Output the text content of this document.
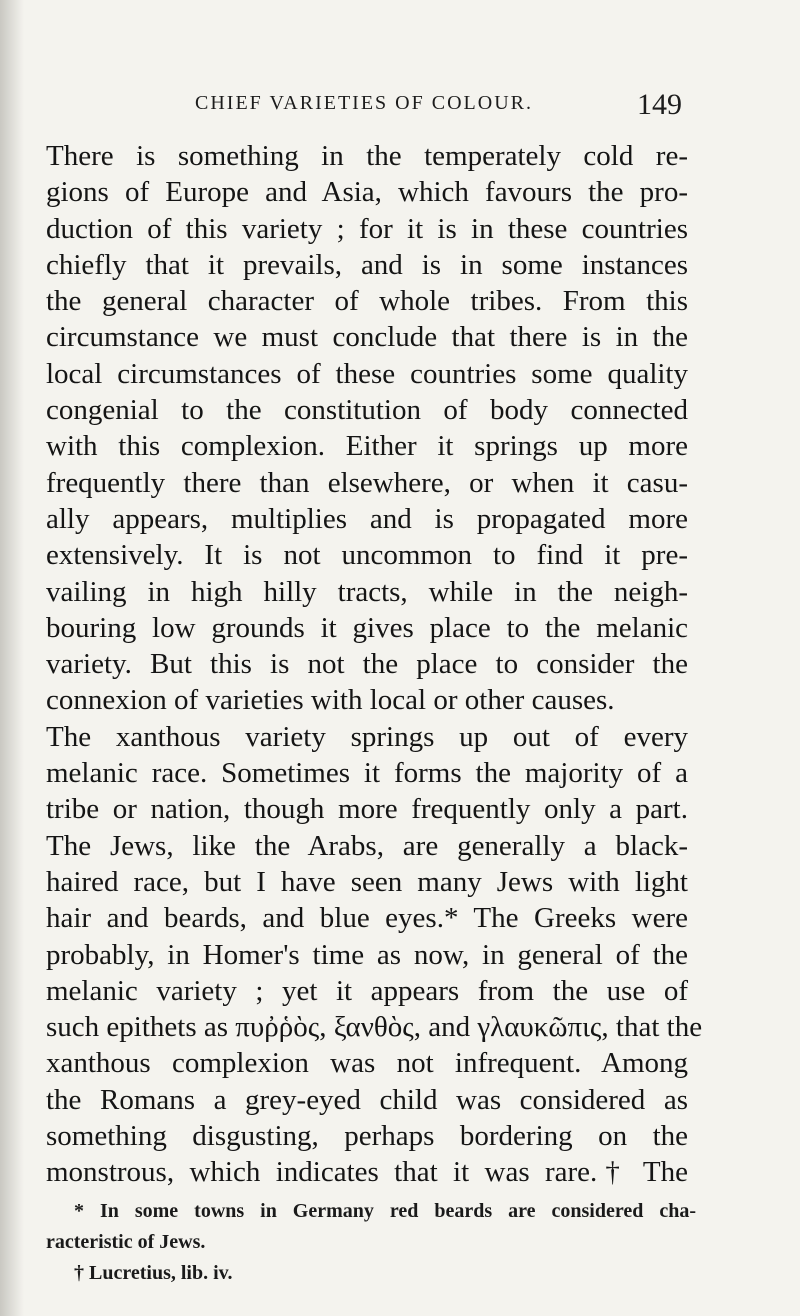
CHIEF VARIETIES OF COLOUR.	149
There is something in the temperately cold re-
gions of Europe and Asia, which favours the pro-
duction of this variety ; for it is in these countries
chiefly that it prevails, and is in some instances
the general character of whole tribes. From this
circumstance we must conclude that there is in the
local circumstances of these countries some quality
congenial to the constitution of body connected
with this complexion. Either it springs up more
frequently there than elsewhere, or when it casu-
ally appears, multiplies and is propagated more
extensively. It is not uncommon to find it pre-
vailing in high hilly tracts, while in the neigh-
bouring low grounds it gives place to the melanic
variety. But this is not the place to consider the
connexion of varieties with local or other causes.
The xanthous variety springs up out of every
melanic race. Sometimes it forms the majority of a
tribe or nation, though more frequently only a part.
The Jews, like the Arabs, are generally a black-
haired race, but I have seen many Jews with light
hair and beards, and blue eyes.* The Greeks were
probably, in Homer's time as now, in general of the
melanic variety ; yet it appears from the use of
such epithets as πυῤῥὸς, ξανθὸς, and γλαυκῶπις, that the
xanthous complexion was not infrequent. Among
the Romans a grey-eyed child was considered as
something disgusting, perhaps bordering on the
monstrous, which indicates that it was rare.† The
* In some towns in Germany red beards are considered cha-
racteristic of Jews.
† Lucretius, lib. iv.
